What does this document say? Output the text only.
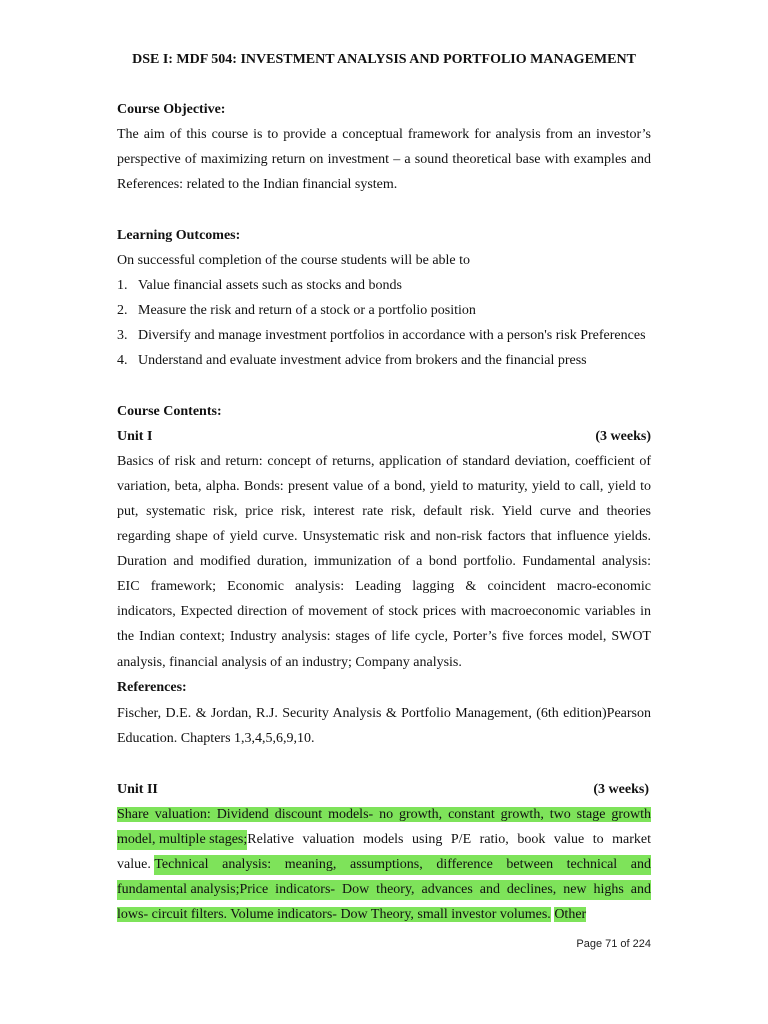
DSE I: MDF 504: INVESTMENT ANALYSIS AND PORTFOLIO MANAGEMENT
Course Objective:
The aim of this course is to provide a conceptual framework for analysis from an investor’s
perspective of maximizing return on investment – a sound theoretical base with examples and
References: related to the Indian financial system.
Learning Outcomes:
On successful completion of the course students will be able to
1. Value financial assets such as stocks and bonds
2. Measure the risk and return of a stock or a portfolio position
3. Diversify and manage investment portfolios in accordance with a person's risk Preferences
4. Understand and evaluate investment advice from brokers and the financial press
Course Contents:
Unit I	(3 weeks)
Basics of risk and return: concept of returns, application of standard deviation, coefficient of
variation, beta, alpha. Bonds: present value of a bond, yield to maturity, yield to call, yield to
put, systematic risk, price risk, interest rate risk, default risk. Yield curve and theories
regarding shape of yield curve. Unsystematic risk and non-risk factors that influence yields.
Duration and modified duration, immunization of a bond portfolio. Fundamental analysis:
EIC framework; Economic analysis: Leading lagging & coincident macro-economic
indicators, Expected direction of movement of stock prices with macroeconomic variables in
the Indian context; Industry analysis: stages of life cycle, Porter’s five forces model, SWOT
analysis, financial analysis of an industry; Company analysis.
References:
Fischer, D.E. & Jordan, R.J. Security Analysis & Portfolio Management, (6th edition)Pearson
Education. Chapters 1,3,4,5,6,9,10.
Unit II	(3 weeks)
Share valuation: Dividend discount models- no growth, constant growth, two stage growth
model, multiple stages; Relative valuation models using P/E ratio, book value to market
value. Technical analysis: meaning, assumptions, difference between technical and
fundamental analysis; Price indicators- Dow theory, advances and declines, new highs and
lows- circuit filters. Volume indicators- Dow Theory, small investor volumes. Other
Page 71 of 224
